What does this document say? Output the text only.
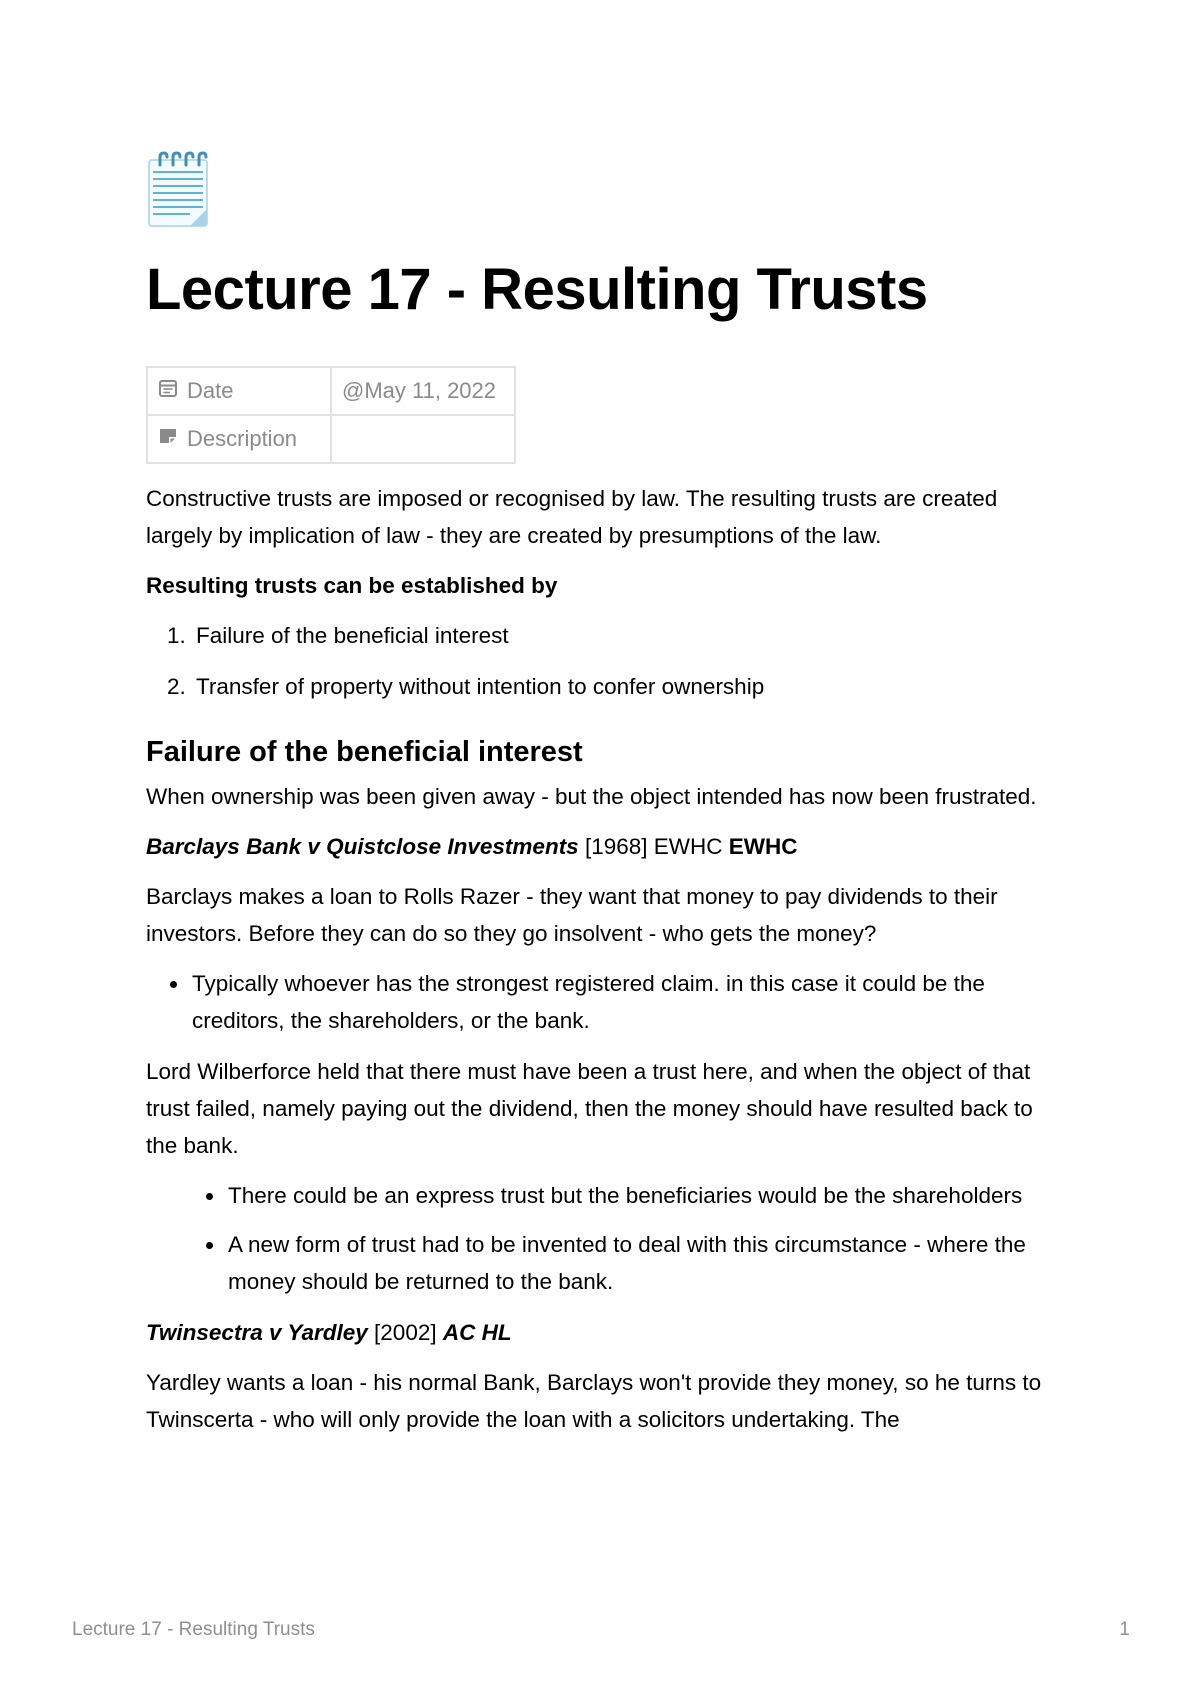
Lecture 17 - Resulting Trusts
Date	@May 11, 2022

Description	

Constructive trusts are imposed or recognised by law. The resulting trusts are created largely by implication of law - they are created by presumptions of the law.

Resulting trusts can be established by

1. Failure of the beneficial interest
2. Transfer of property without intention to confer ownership
Failure of the beneficial interest

When ownership was been given away - but the object intended has now been frustrated.

Barclays Bank v Quistclose Investments [1968] EWHC EWHC

Barclays makes a loan to Rolls Razer - they want that money to pay dividends to their investors. Before they can do so they go insolvent - who gets the money?

• Typically whoever has the strongest registered claim. in this case it could be the creditors, the shareholders, or the bank.

Lord Wilberforce held that there must have been a trust here, and when the object of that trust failed, namely paying out the dividend, then the money should have resulted back to the bank.

• There could be an express trust but the beneficiaries would be the shareholders
• A new form of trust had to be invented to deal with this circumstance - where the money should be returned to the bank.

Twinsectra v Yardley [2002] AC HL

Yardley wants a loan - his normal Bank, Barclays won't provide they money, so he turns to Twinscerta - who will only provide the loan with a solicitors undertaking. The

Lecture 17 - Resulting Trusts	1
